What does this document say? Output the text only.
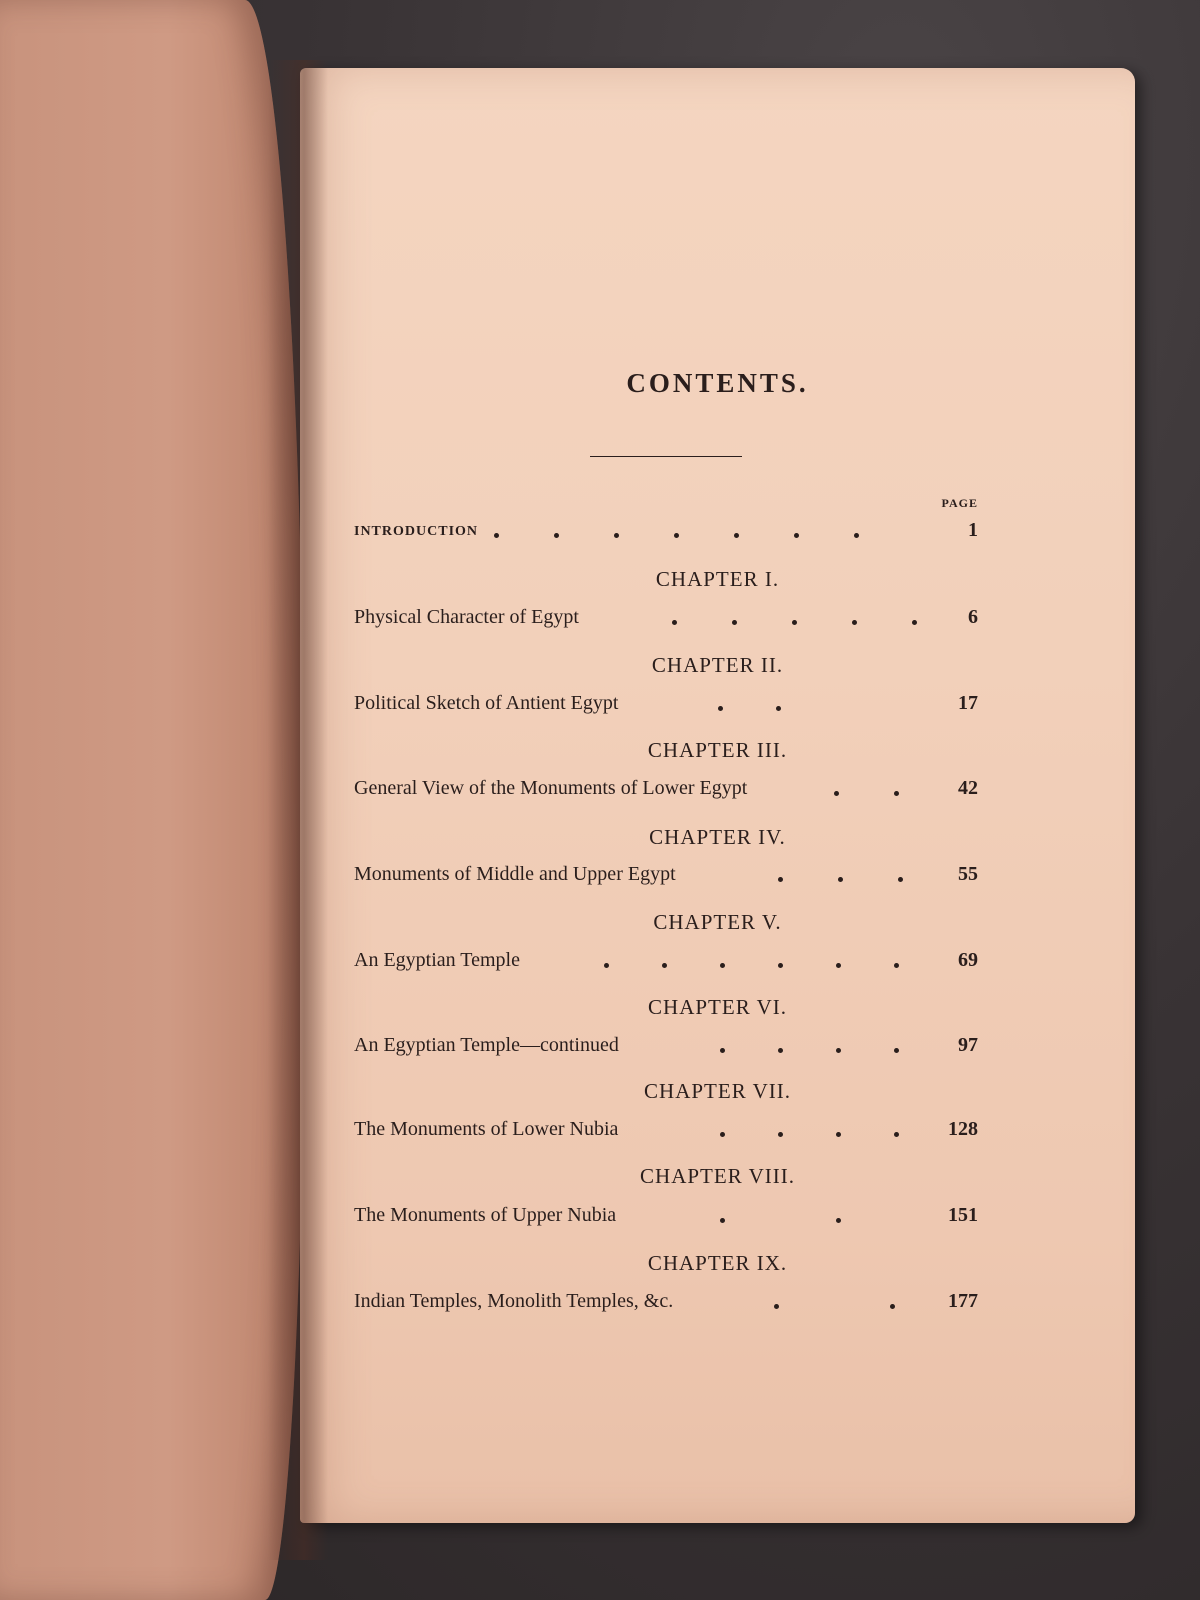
CONTENTS.
PAGE
INTRODUCTION	1
CHAPTER I.
Physical Character of Egypt	6
CHAPTER II.
Political Sketch of Antient Egypt	17
CHAPTER III.
General View of the Monuments of Lower Egypt	42
CHAPTER IV.
Monuments of Middle and Upper Egypt	55
CHAPTER V.
An Egyptian Temple	69
CHAPTER VI.
An Egyptian Temple—continued	97
CHAPTER VII.
The Monuments of Lower Nubia	128
CHAPTER VIII.
The Monuments of Upper Nubia	151
CHAPTER IX.
Indian Temples, Monolith Temples, &c.	177
